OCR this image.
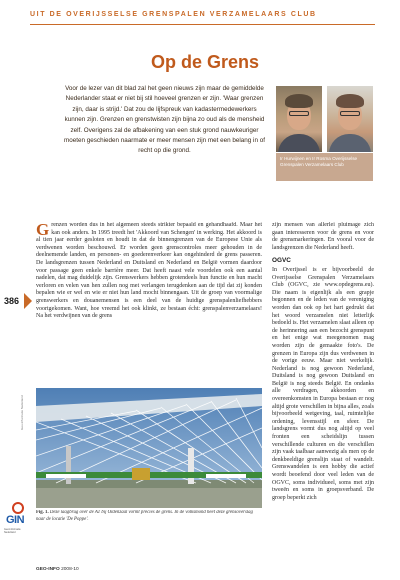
UIT DE OVERIJSSELSE GRENSPALEN VERZAMELAARS CLUB
Op de Grens

Voor de lezer van dit blad zal het geen nieuws zijn maar de gemiddelde Nederlander staat er niet bij stil hoeveel grenzen er zijn. 'Waar grenzen zijn, daar is strijd.' Dat zou de lijfspreuk van kadastermedewerkers kunnen zijn. Grenzen en grenstwisten zijn bijna zo oud als de mensheid zelf. Overigens zal de afbakening van een stuk grond nauwkeuriger moeten geschieden naarmate er meer mensen zijn met een belang in of recht op die grond.

Ir Hurwijnen en Ir Rosma Overijsselse Grenspalen Verzamelaars Club
386

Grenzen worden dus in het algemeen steeds strikter bepaald en gehandhaafd. Maar het kan ook anders. In 1995 treedt het 'Akkoord van Schengen' in werking. Het akkoord is al tien jaar eerder gesloten en houdt in dat de binnengrenzen van de Europese Unie als verdwenen worden beschouwd. Er worden geen grenscontroles meer gehouden in de deelnemende landen, en personen- en goederenverkeer kan ongehinderd de grens passeren. De landsgrenzen tussen Nederland en Duitsland en Nederland en België vormen daardoor voor passage geen enkele barrière meer. Dat heeft naast vele voordelen ook een aantal nadelen, dat mag duidelijk zijn. Grenswerkers hebben grotendeels hun functie en hun macht verloren en velen van hen zullen nog met verlangen terugdenken aan de tijd dat zij konden bepalen wie er wel en wie er niet hun land mocht binnengaan. Uit de groep van voormalige grenswerkers en douanemensen is een deel van de huidige grenspalenliefhebbers voortgekomen. Want, hoe vreemd het ook klinkt, ze bestaan écht: grenspalenverzamelaars! Na het verdwijnen van de grens

zijn mensen van allerlei pluimage zich gaan interesseren voor de grens en voor de grensmarkeringen. En vooral voor de landsgrenzen die Nederland heeft.

OGVC

In Overijssel is er bijvoorbeeld de Overijsselse Grenspalen Verzamelaars Club (OGVC, zie www.opdegrens.eu). Die naam is eigenlijk als een grapje begonnen en de leden van de vereniging worden dan ook op het hart gedrukt dat het woord verzamelen niet letterlijk bedoeld is. Het verzamelen slaat alleen op de herinnering aan een bezocht grenspunt en het enige wat meegenomen mag worden zijn de gemaakte foto's. De grenzen in Europa zijn dus verdwenen in de vorige eeuw. Maar niet werkelijk. Nederland is nog gewoon Nederland, Duitsland is nog gewoon Duitsland en België is nog steeds België. En ondanks alle verdragen, akkoorden en overeenkomsten in Europa bestaan er nog altijd grote verschillen in bijna alles, zoals bijvoorbeeld wetgeving, taal, ruimtelijke ordening, levensstijl en sfeer. De landsgrens vormt dus nog altijd op veel fronten een scheidslijn tussen verschillende culturen en die verschillen zijn vaak taalbaar aanwezig als men op de denkbeeldige grenslijn staat of wandelt. Grenswandelen is een hobby die actief wordt beoefend door veel leden van de OGVC, soms individueel, soms met zijn tweeën en soms in groepsverband. De groep beperkt zich

Fig. 1. Deze laagbrug over de A1 bij Oldenzaal vormt precies de grens. In de volksmond heet deze grensoverslag naar de locatie 'De Poppe'.
Geo-Informatie Nederland
GIN
Geo-Informatie Nederland
GEO-INFO 2008-10
